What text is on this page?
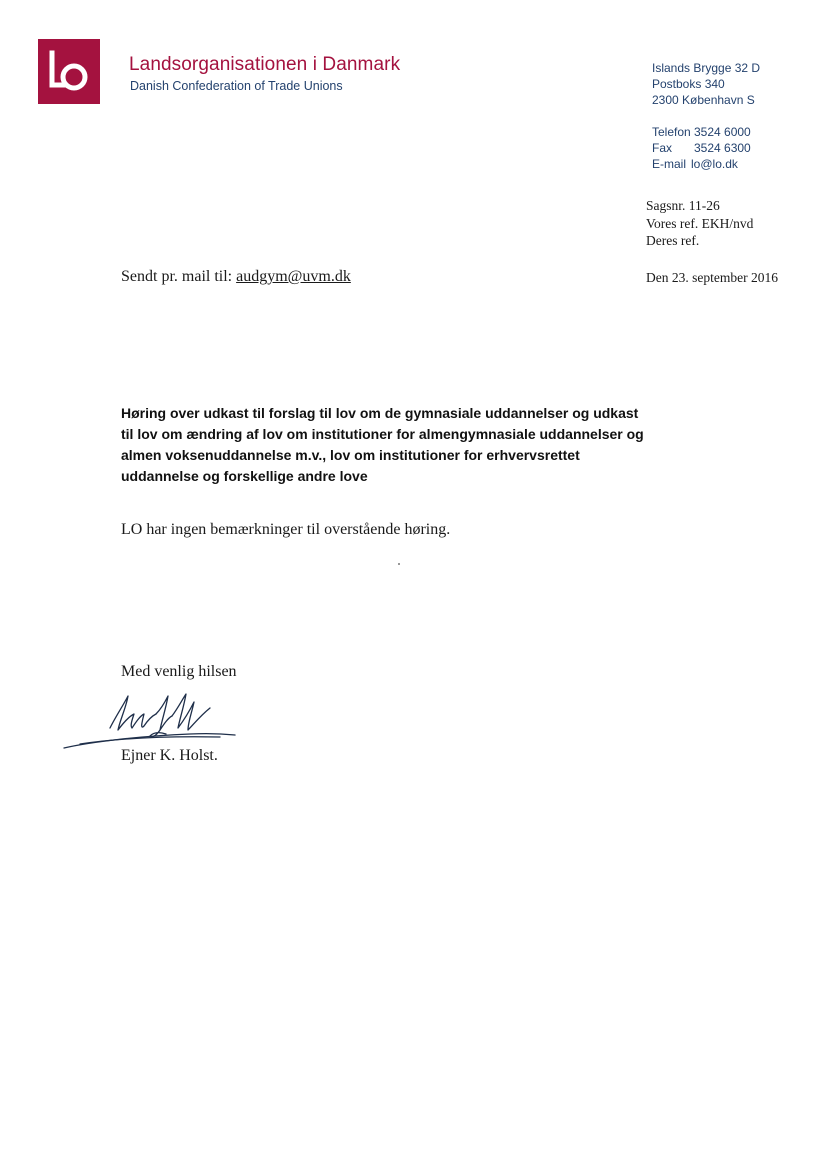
Landsorganisationen i Danmark
Danish Confederation of Trade Unions
Islands Brygge 32 D
Postboks 340
2300 København S
Telefon 3524 6000
Fax 3524 6300
E-mail lo@lo.dk
Sagsnr. 11-26
Vores ref. EKH/nvd
Deres ref.
Sendt pr. mail til: audgym@uvm.dk	Den 23. september 2016
Høring over udkast til forslag til lov om de gymnasiale uddannelser og udkast
til lov om ændring af lov om institutioner for almengymnasiale uddannelser og
almen voksenuddannelse m.v., lov om institutioner for erhvervsrettet
uddannelse og forskellige andre love
LO har ingen bemærkninger til overstående høring.
Med venlig hilsen
Ejner K. Holst.
